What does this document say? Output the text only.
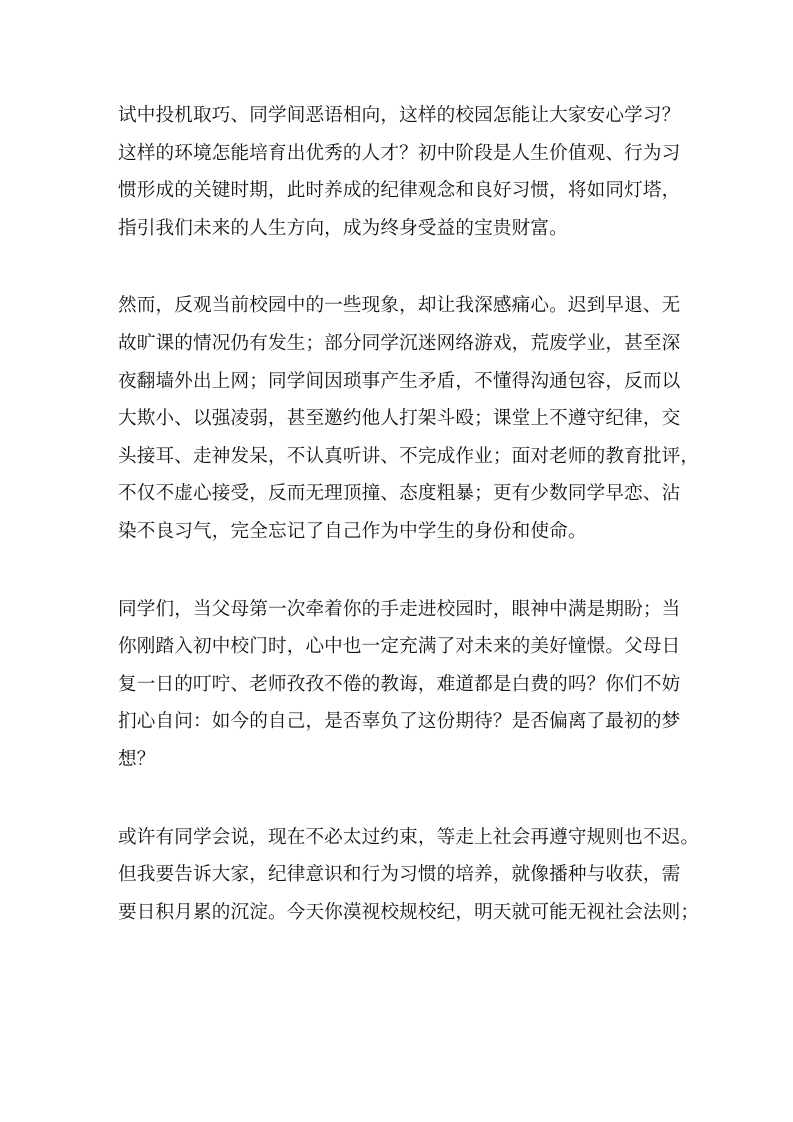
试中投机取巧、同学间恶语相向，这样的校园怎能让大家安心学习？
这样的环境怎能培育出优秀的人才？初中阶段是人生价值观、行为习
惯形成的关键时期，此时养成的纪律观念和良好习惯，将如同灯塔，
指引我们未来的人生方向，成为终身受益的宝贵财富。
然而，反观当前校园中的一些现象，却让我深感痛心。迟到早退、无
故旷课的情况仍有发生；部分同学沉迷网络游戏，荒废学业，甚至深
夜翻墙外出上网；同学间因琐事产生矛盾，不懂得沟通包容，反而以
大欺小、以强凌弱，甚至邀约他人打架斗殴；课堂上不遵守纪律，交
头接耳、走神发呆，不认真听讲、不完成作业；面对老师的教育批评，
不仅不虚心接受，反而无理顶撞、态度粗暴；更有少数同学早恋、沾
染不良习气，完全忘记了自己作为中学生的身份和使命。
同学们，当父母第一次牵着你的手走进校园时，眼神中满是期盼；当
你刚踏入初中校门时，心中也一定充满了对未来的美好憧憬。父母日
复一日的叮咛、老师孜孜不倦的教诲，难道都是白费的吗？你们不妨
扪心自问：如今的自己，是否辜负了这份期待？是否偏离了最初的梦
想？
或许有同学会说，现在不必太过约束，等走上社会再遵守规则也不迟。
但我要告诉大家，纪律意识和行为习惯的培养，就像播种与收获，需
要日积月累的沉淀。今天你漠视校规校纪，明天就可能无视社会法则；
